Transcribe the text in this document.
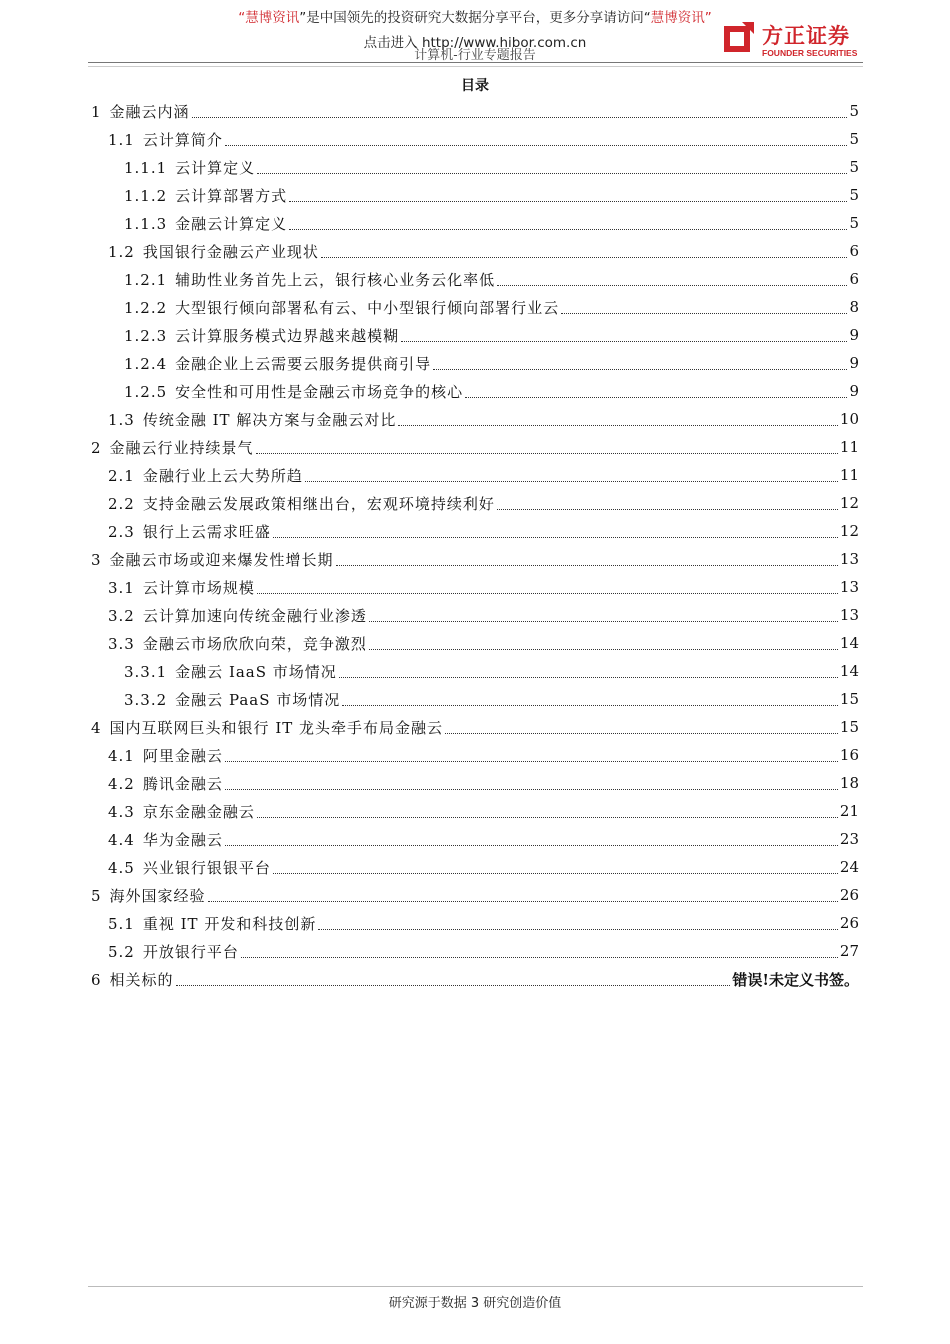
“慧博资讯”是中国领先的投资研究大数据分享平台，更多分享请访问“慧博资讯”
点击进入 http://www.hibor.com.cn
计算机-行业专题报告
方正证券
FOUNDER SECURITIES
目录
1 金融云内涵	5
1.1 云计算简介	5
1.1.1 云计算定义	5
1.1.2 云计算部署方式	5
1.1.3 金融云计算定义	5
1.2 我国银行金融云产业现状	6
1.2.1 辅助性业务首先上云，银行核心业务云化率低	6
1.2.2 大型银行倾向部署私有云、中小型银行倾向部署行业云	8
1.2.3 云计算服务模式边界越来越模糊	9
1.2.4 金融企业上云需要云服务提供商引导	9
1.2.5 安全性和可用性是金融云市场竞争的核心	9
1.3 传统金融 IT 解决方案与金融云对比	10
2 金融云行业持续景气	11
2.1 金融行业上云大势所趋	11
2.2 支持金融云发展政策相继出台，宏观环境持续利好	12
2.3 银行上云需求旺盛	12
3 金融云市场或迎来爆发性增长期	13
3.1 云计算市场规模	13
3.2 云计算加速向传统金融行业渗透	13
3.3 金融云市场欣欣向荣，竞争激烈	14
3.3.1 金融云 IaaS 市场情况	14
3.3.2 金融云 PaaS 市场情况	15
4 国内互联网巨头和银行 IT 龙头牵手布局金融云	15
4.1 阿里金融云	16
4.2 腾讯金融云	18
4.3 京东金融金融云	21
4.4 华为金融云	23
4.5 兴业银行银银平台	24
5 海外国家经验	26
5.1 重视 IT 开发和科技创新	26
5.2 开放银行平台	27
6 相关标的	错误!未定义书签。
研究源于数据 3 研究创造价值
